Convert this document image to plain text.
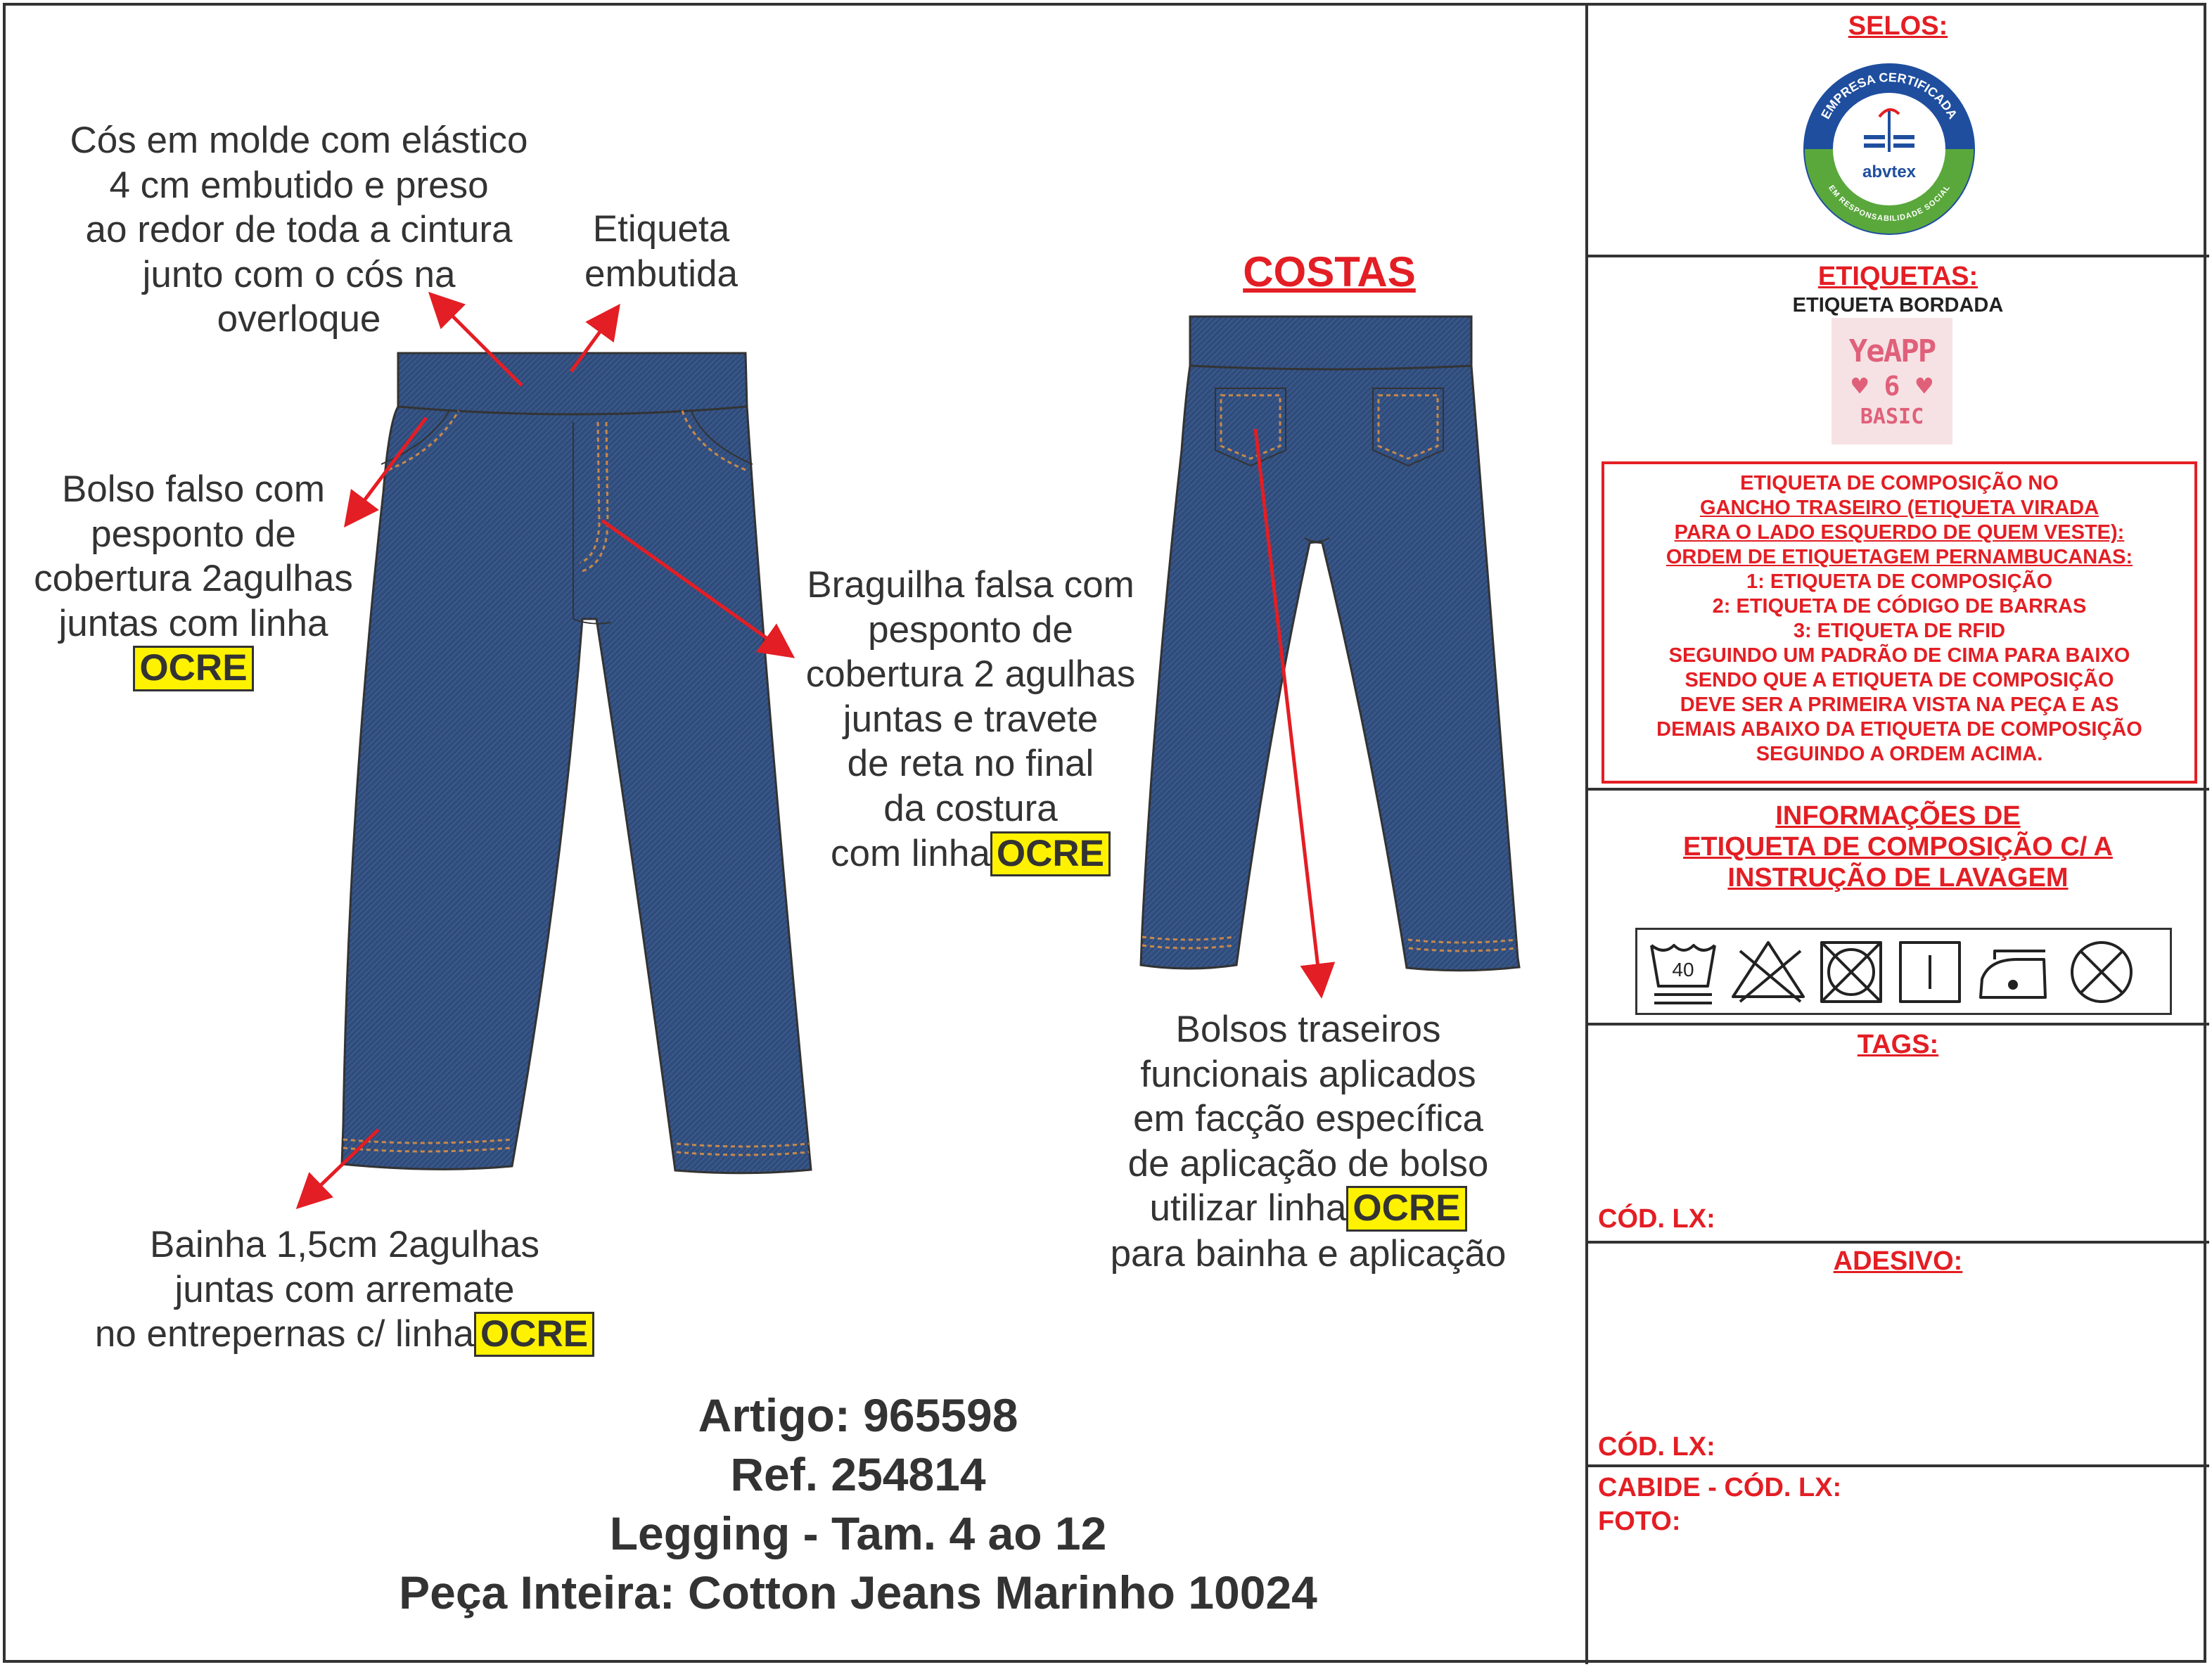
Cós em molde com elástico
4 cm embutido e preso
ao redor de toda a cintura
junto com o cós na
overloque
Etiqueta
embutida
Bolso falso com
pesponto de
cobertura 2agulhas
juntas com linha
OCRE
Braguilha falsa com
pesponto de
cobertura 2 agulhas
juntas e travete
de reta no final
da costura
com linha OCRE
Bainha 1,5cm 2agulhas
juntas com arremate
no entrepernas c/ linha OCRE
COSTAS
Bolsos traseiros
funcionais aplicados
em facção específica
de aplicação de bolso
utilizar linha OCRE
para bainha e aplicação
Artigo: 965598
Ref. 254814
Legging - Tam. 4 ao 12
Peça Inteira: Cotton Jeans Marinho 10024
SELOS:
EMPRESA CERTIFICADA
EM RESPONSABILIDADE SOCIAL
abvtex
ETIQUETAS:
ETIQUETA BORDADA
YeAPP
♥ 6 ♥
BASIC
ETIQUETA DE COMPOSIÇÃO NO
GANCHO TRASEIRO (ETIQUETA VIRADA
PARA O LADO ESQUERDO DE QUEM VESTE):
ORDEM DE ETIQUETAGEM PERNAMBUCANAS:
1: ETIQUETA DE COMPOSIÇÃO
2: ETIQUETA DE CÓDIGO DE BARRAS
3: ETIQUETA DE RFID
SEGUINDO UM PADRÃO DE CIMA PARA BAIXO
SENDO QUE A ETIQUETA DE COMPOSIÇÃO
DEVE SER A PRIMEIRA VISTA NA PEÇA E AS
DEMAIS ABAIXO DA ETIQUETA DE COMPOSIÇÃO
SEGUINDO A ORDEM ACIMA.
INFORMAÇÕES DE
ETIQUETA DE COMPOSIÇÃO C/ A
INSTRUÇÃO DE LAVAGEM
40
TAGS:
CÓD. LX:
ADESIVO:
CÓD. LX:
CABIDE - CÓD. LX:
FOTO:
